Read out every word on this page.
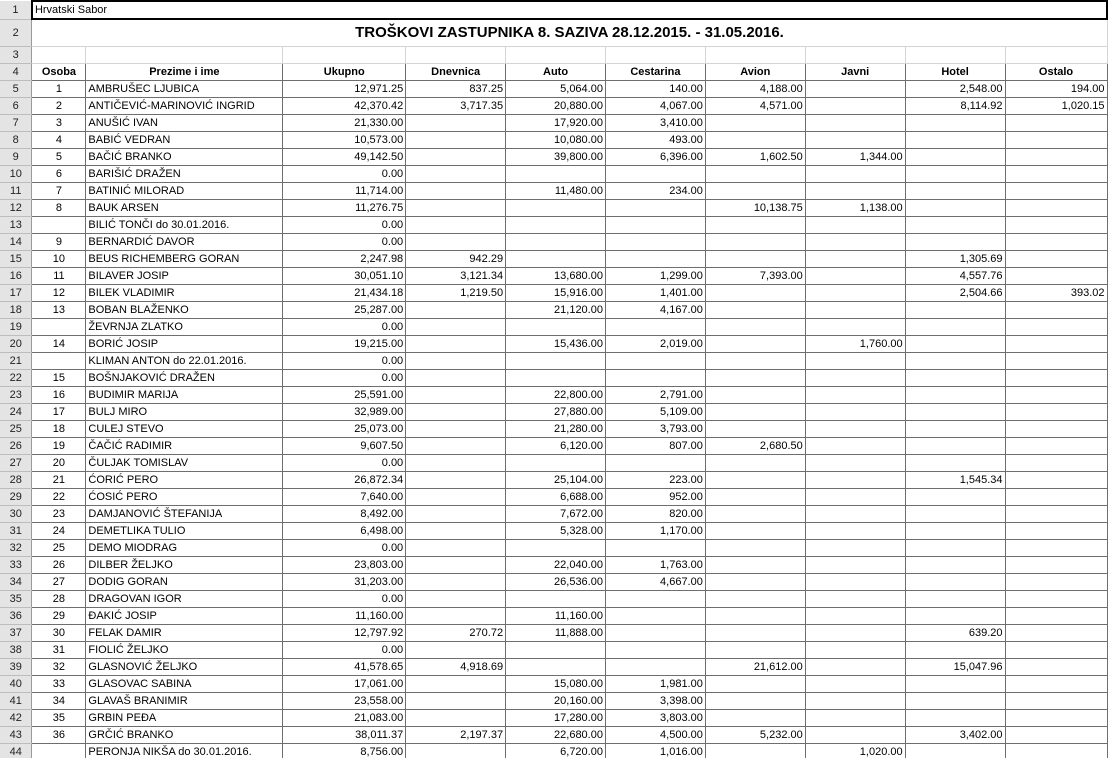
1	Hrvatski Sabor									
2	TROŠKOVI ZASTUPNIKA 8. SAZIVA 28.12.2015. - 31.05.2016.									
3										
4	Osoba	Prezime i ime	Ukupno	Dnevnica	Auto	Cestarina	Avion	Javni	Hotel	Ostalo
5	1	AMBRUŠEC LJUBICA	12,971.25	837.25	5,064.00	140.00	4,188.00		2,548.00	194.00
6	2	ANTIČEVIĆ-MARINOVIĆ INGRID	42,370.42	3,717.35	20,880.00	4,067.00	4,571.00		8,114.92	1,020.15
7	3	ANUŠIĆ IVAN	21,330.00		17,920.00	3,410.00				
8	4	BABIĆ VEDRAN	10,573.00		10,080.00	493.00				
9	5	BAČIĆ BRANKO	49,142.50		39,800.00	6,396.00	1,602.50	1,344.00		
10	6	BARIŠIĆ DRAŽEN	0.00							
11	7	BATINIĆ MILORAD	11,714.00		11,480.00	234.00				
12	8	BAUK ARSEN	11,276.75				10,138.75	1,138.00		
13		BILIĆ TONČI do 30.01.2016.	0.00							
14	9	BERNARDIĆ DAVOR	0.00							
15	10	BEUS RICHEMBERG GORAN	2,247.98	942.29					1,305.69	
16	11	BILAVER JOSIP	30,051.10	3,121.34	13,680.00	1,299.00	7,393.00		4,557.76	
17	12	BILEK VLADIMIR	21,434.18	1,219.50	15,916.00	1,401.00			2,504.66	393.02
18	13	BOBAN BLAŽENKO	25,287.00		21,120.00	4,167.00				
19		ŽEVRNJA ZLATKO	0.00							
20	14	BORIĆ JOSIP	19,215.00		15,436.00	2,019.00		1,760.00		
21		KLIMAN ANTON do 22.01.2016.	0.00							
22	15	BOŠNJAKOVIĆ DRAŽEN	0.00							
23	16	BUDIMIR MARIJA	25,591.00		22,800.00	2,791.00				
24	17	BULJ MIRO	32,989.00		27,880.00	5,109.00				
25	18	CULEJ STEVO	25,073.00		21,280.00	3,793.00				
26	19	ČAČIĆ RADIMIR	9,607.50		6,120.00	807.00	2,680.50			
27	20	ČULJAK TOMISLAV	0.00							
28	21	ĆORIĆ PERO	26,872.34		25,104.00	223.00			1,545.34	
29	22	ĆOSIĆ PERO	7,640.00		6,688.00	952.00				
30	23	DAMJANOVIĆ ŠTEFANIJA	8,492.00		7,672.00	820.00				
31	24	DEMETLIKA TULIO	6,498.00		5,328.00	1,170.00				
32	25	DEMO MIODRAG	0.00							
33	26	DILBER ŽELJKO	23,803.00		22,040.00	1,763.00				
34	27	DODIG GORAN	31,203.00		26,536.00	4,667.00				
35	28	DRAGOVAN IGOR	0.00							
36	29	ĐAKIĆ JOSIP	11,160.00		11,160.00					
37	30	FELAK DAMIR	12,797.92	270.72	11,888.00				639.20	
38	31	FIOLIĆ ŽELJKO	0.00							
39	32	GLASNOVIĆ ŽELJKO	41,578.65	4,918.69			21,612.00		15,047.96	
40	33	GLASOVAC SABINA	17,061.00		15,080.00	1,981.00				
41	34	GLAVAŠ BRANIMIR	23,558.00		20,160.00	3,398.00				
42	35	GRBIN PEĐA	21,083.00		17,280.00	3,803.00				
43	36	GRČIĆ BRANKO	38,011.37	2,197.37	22,680.00	4,500.00	5,232.00		3,402.00	
44		PERONJA NIKŠA do 30.01.2016.	8,756.00		6,720.00	1,016.00		1,020.00		
